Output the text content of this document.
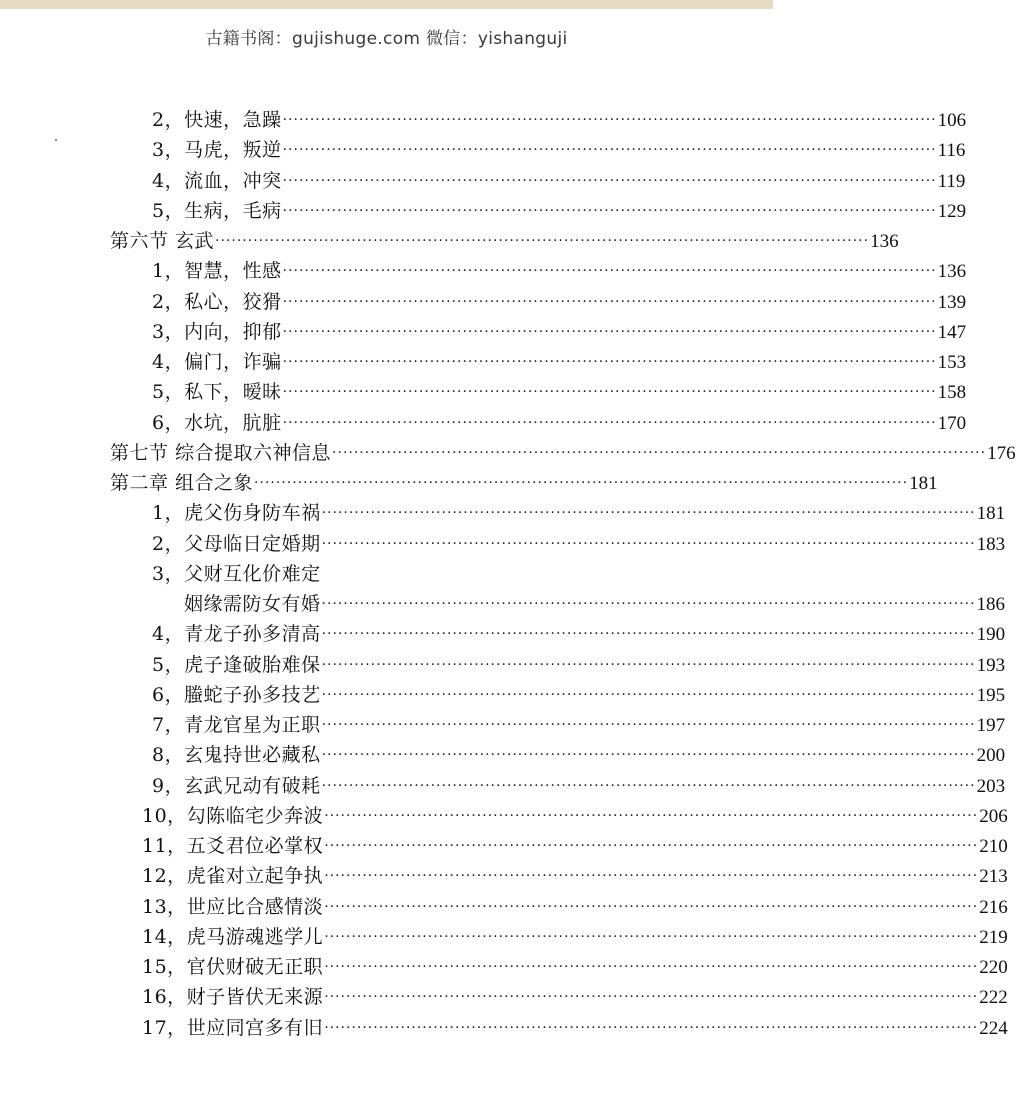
古籍书阁：gujishuge.com 微信：yishanguji
2，快速，急躁 ························································································································ 106
3，马虎，叛逆 ························································································································ 116
4，流血，冲突 ························································································································ 119
5，生病，毛病 ························································································································ 129
第六节 玄武 ························································································································ 136
1，智慧，性感 ························································································································ 136
2，私心，狡猾 ························································································································ 139
3，内向，抑郁 ························································································································ 147
4，偏门，诈骗 ························································································································ 153
5，私下，暧昧 ························································································································ 158
6，水坑，肮脏 ························································································································ 170
第七节 综合提取六神信息 ························································································································ 176
第二章 组合之象 ························································································································ 181
1，虎父伤身防车祸 ························································································································ 181
2，父母临日定婚期 ························································································································ 183
3，父财互化价难定
姻缘需防女有婚 ························································································································ 186
4，青龙子孙多清高 ························································································································ 190
5，虎子逢破胎难保 ························································································································ 193
6，螣蛇子孙多技艺 ························································································································ 195
7，青龙官星为正职 ························································································································ 197
8，玄鬼持世必藏私 ························································································································ 200
9，玄武兄动有破耗 ························································································································ 203
10，勾陈临宅少奔波 ························································································································ 206
11，五爻君位必掌权 ························································································································ 210
12，虎雀对立起争执 ························································································································ 213
13，世应比合感情淡 ························································································································ 216
14，虎马游魂逃学儿 ························································································································ 219
15，官伏财破无正职 ························································································································ 220
16，财子皆伏无来源 ························································································································ 222
17，世应同宫多有旧 ························································································································ 224
